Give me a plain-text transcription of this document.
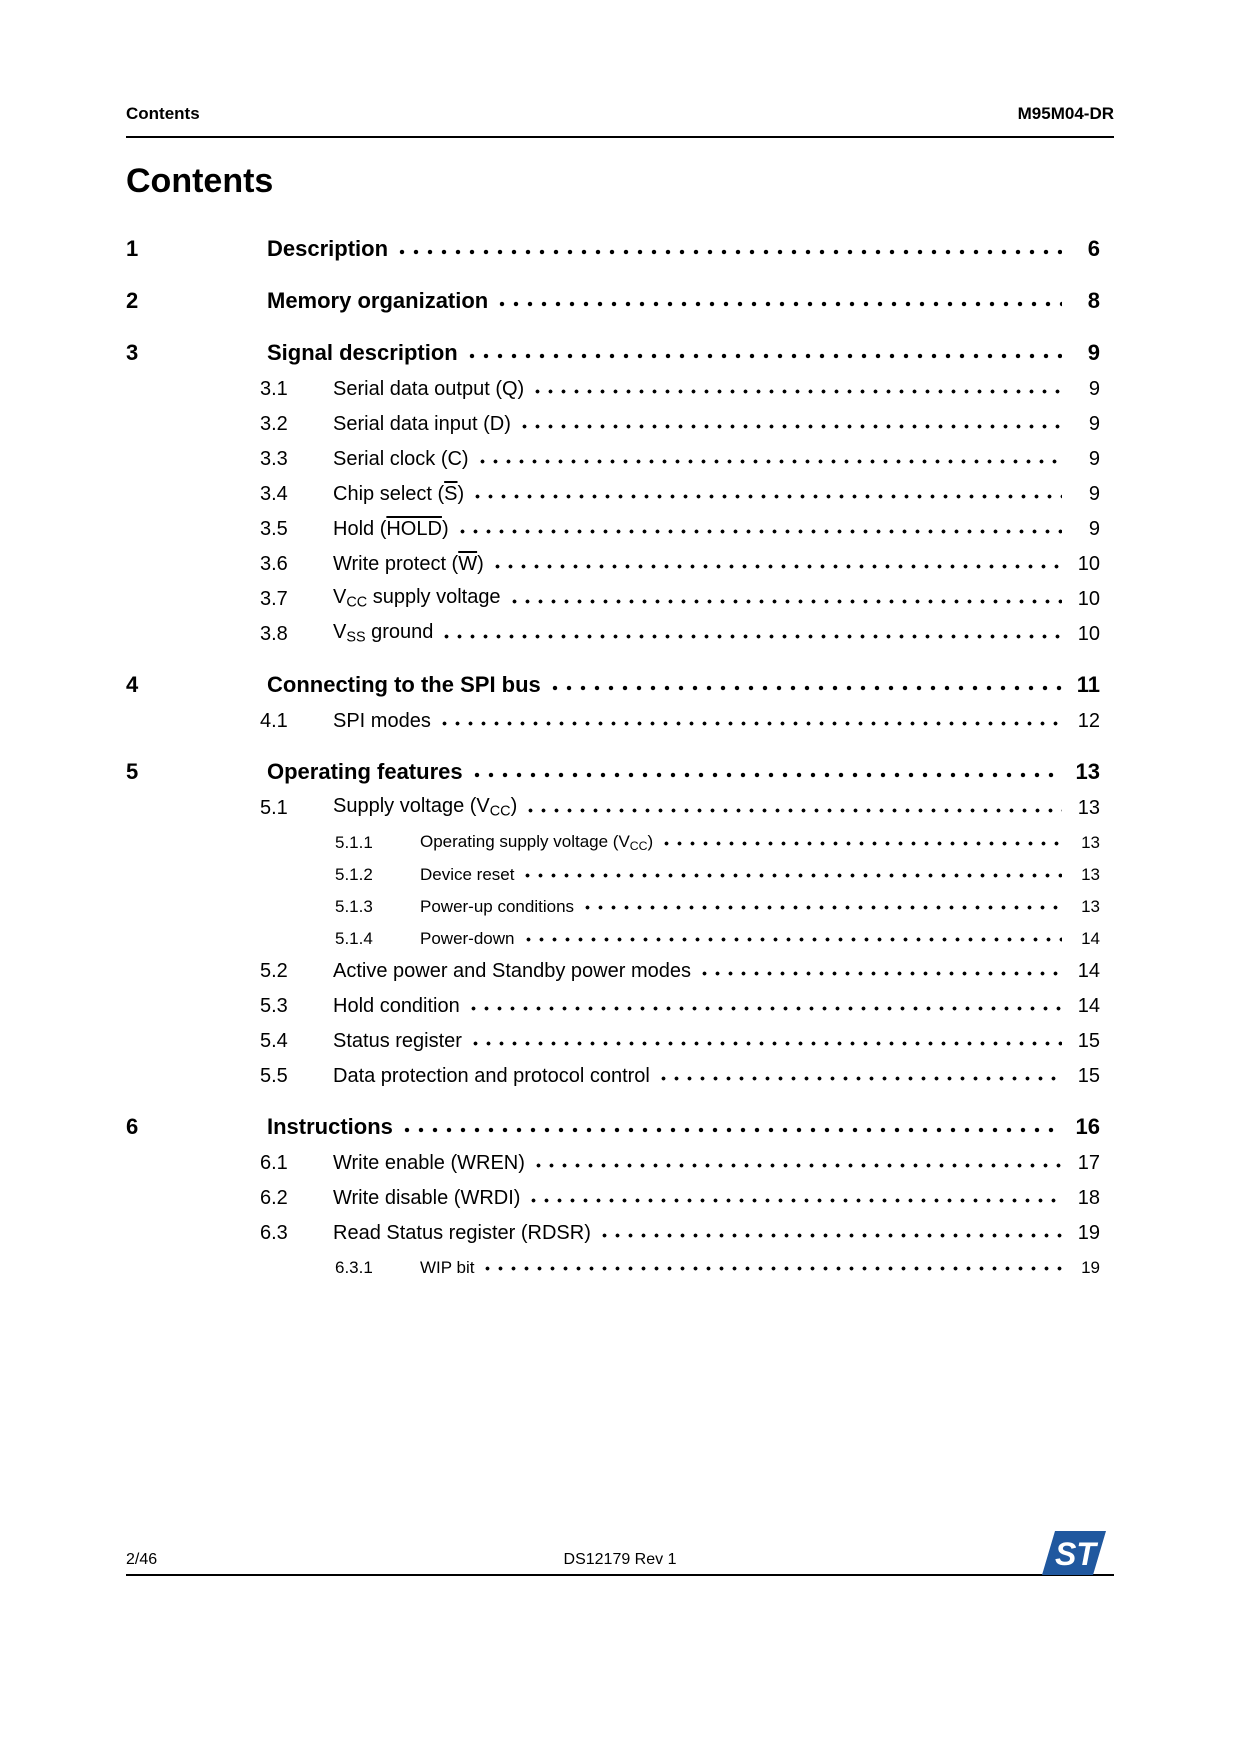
Contents	M95M04-DR
Contents
1	Description	6
2	Memory organization	8
3	Signal description	9
3.1	Serial data output (Q)	9
3.2	Serial data input (D)	9
3.3	Serial clock (C)	9
3.4	Chip select $(\overline{S})$	9
3.5	Hold (HOLD)	9
3.6	Write protect $(\overline{W})$	10
3.7	$V_{CC}$ supply voltage	10
3.8	$V_{SS}$ ground	10
4	Connecting to the SPI bus	11
4.1	SPI modes	12
5	Operating features	13
5.1	Supply voltage $(V_{CC})$	13
5.1.1	Operating supply voltage $(V_{CC})$	13
5.1.2	Device reset	13
5.1.3	Power-up conditions	13
5.1.4	Power-down	14
5.2	Active power and Standby power modes	14
5.3	Hold condition	14
5.4	Status register	15
5.5	Data protection and protocol control	15
6	Instructions	16
6.1	Write enable (WREN)	17
6.2	Write disable (WRDI)	18
6.3	Read Status register (RDSR)	19
6.3.1	WIP bit	19
2/46	DS12179 Rev 1	ST
